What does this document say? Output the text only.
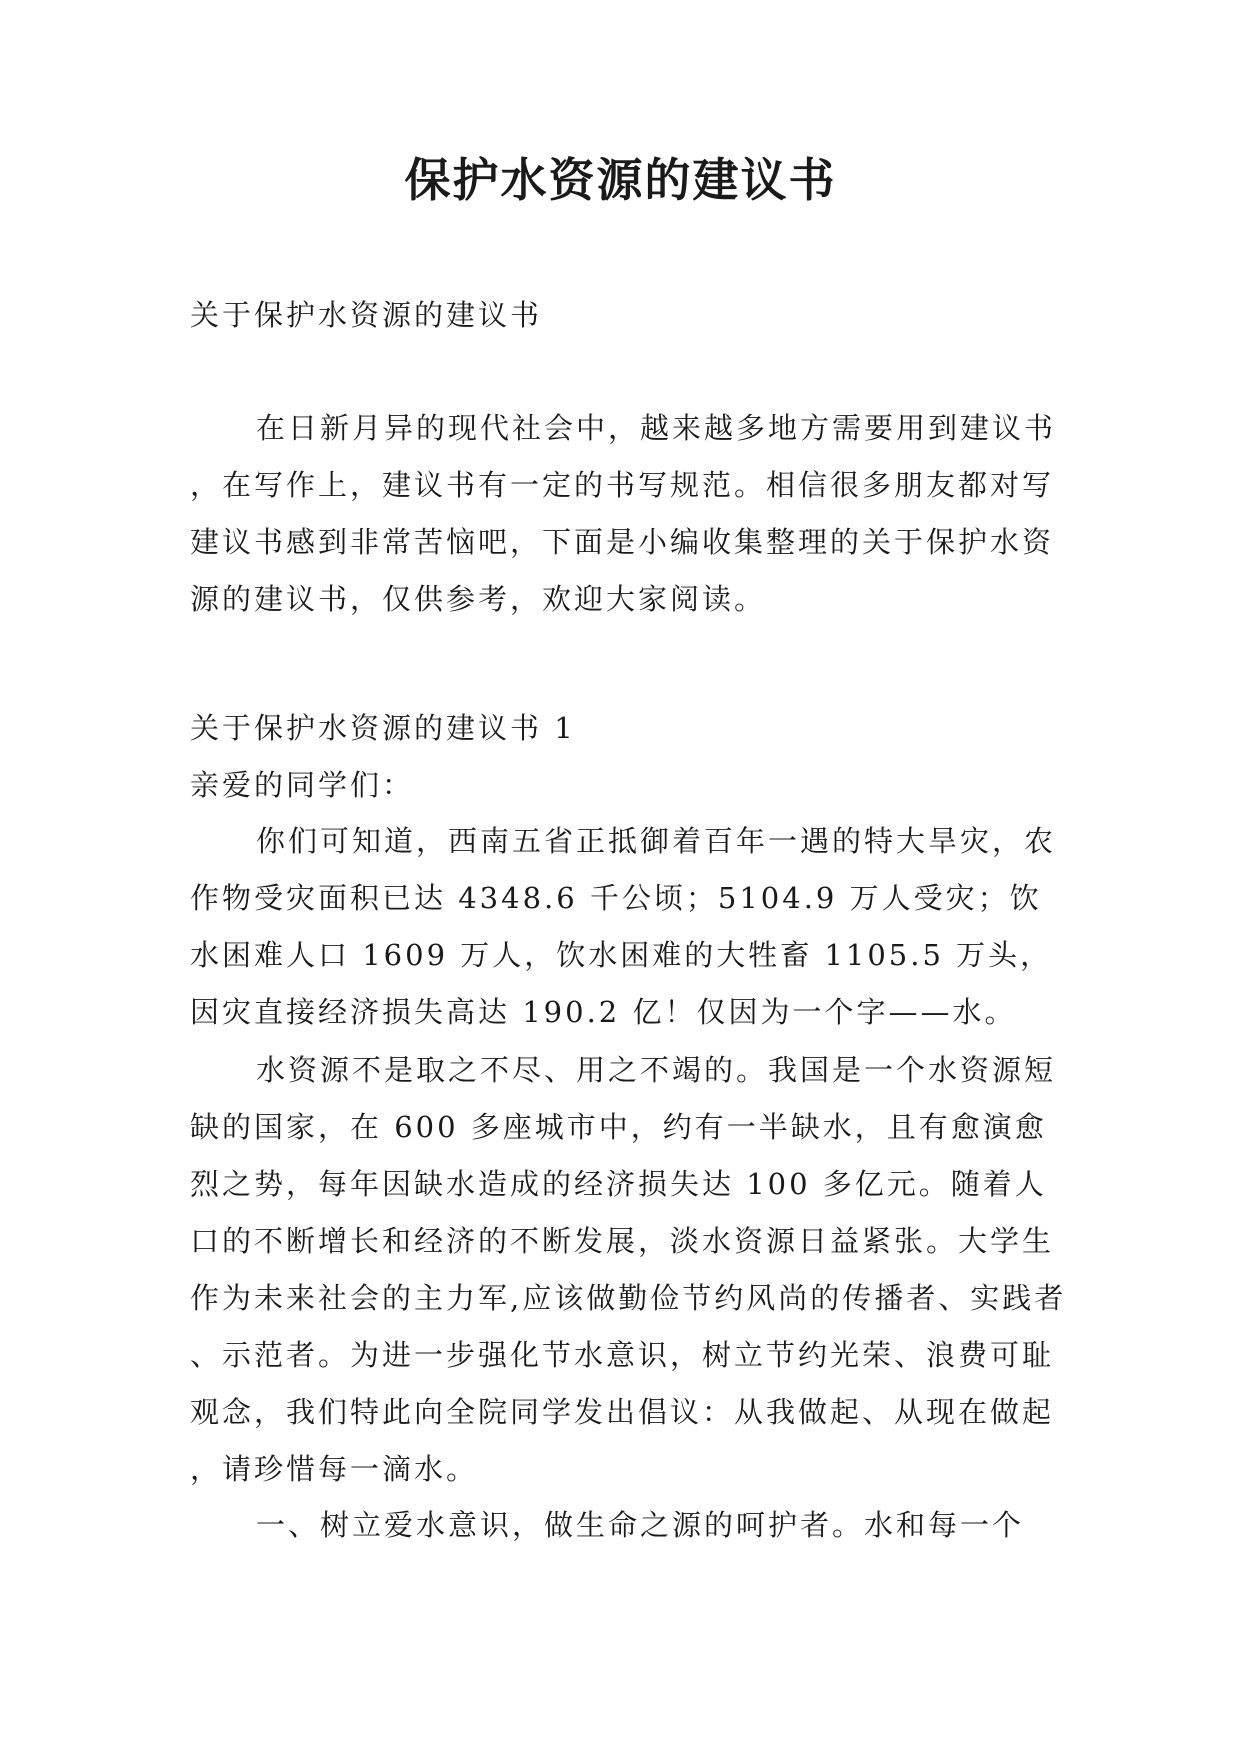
保护水资源的建议书

关于保护水资源的建议书

在日新月异的现代社会中，越来越多地方需要用到建议书，在写作上，建议书有一定的书写规范。相信很多朋友都对写建议书感到非常苦恼吧，下面是小编收集整理的关于保护水资源的建议书，仅供参考，欢迎大家阅读。

关于保护水资源的建议书 1

亲爱的同学们：

你们可知道，西南五省正抵御着百年一遇的特大旱灾，农作物受灾面积已达 4348.6 千公顷；5104.9 万人受灾；饮水困难人口 1609 万人，饮水困难的大牲畜 1105.5 万头，因灾直接经济损失高达 190.2 亿！仅因为一个字——水。

水资源不是取之不尽、用之不竭的。我国是一个水资源短缺的国家，在 600 多座城市中，约有一半缺水，且有愈演愈烈之势，每年因缺水造成的经济损失达 100 多亿元。随着人口的不断增长和经济的不断发展，淡水资源日益紧张。大学生作为未来社会的主力军,应该做勤俭节约风尚的传播者、实践者、示范者。为进一步强化节水意识，树立节约光荣、浪费可耻观念，我们特此向全院同学发出倡议：从我做起、从现在做起，请珍惜每一滴水。

一、树立爱水意识，做生命之源的呵护者。水和每一个
